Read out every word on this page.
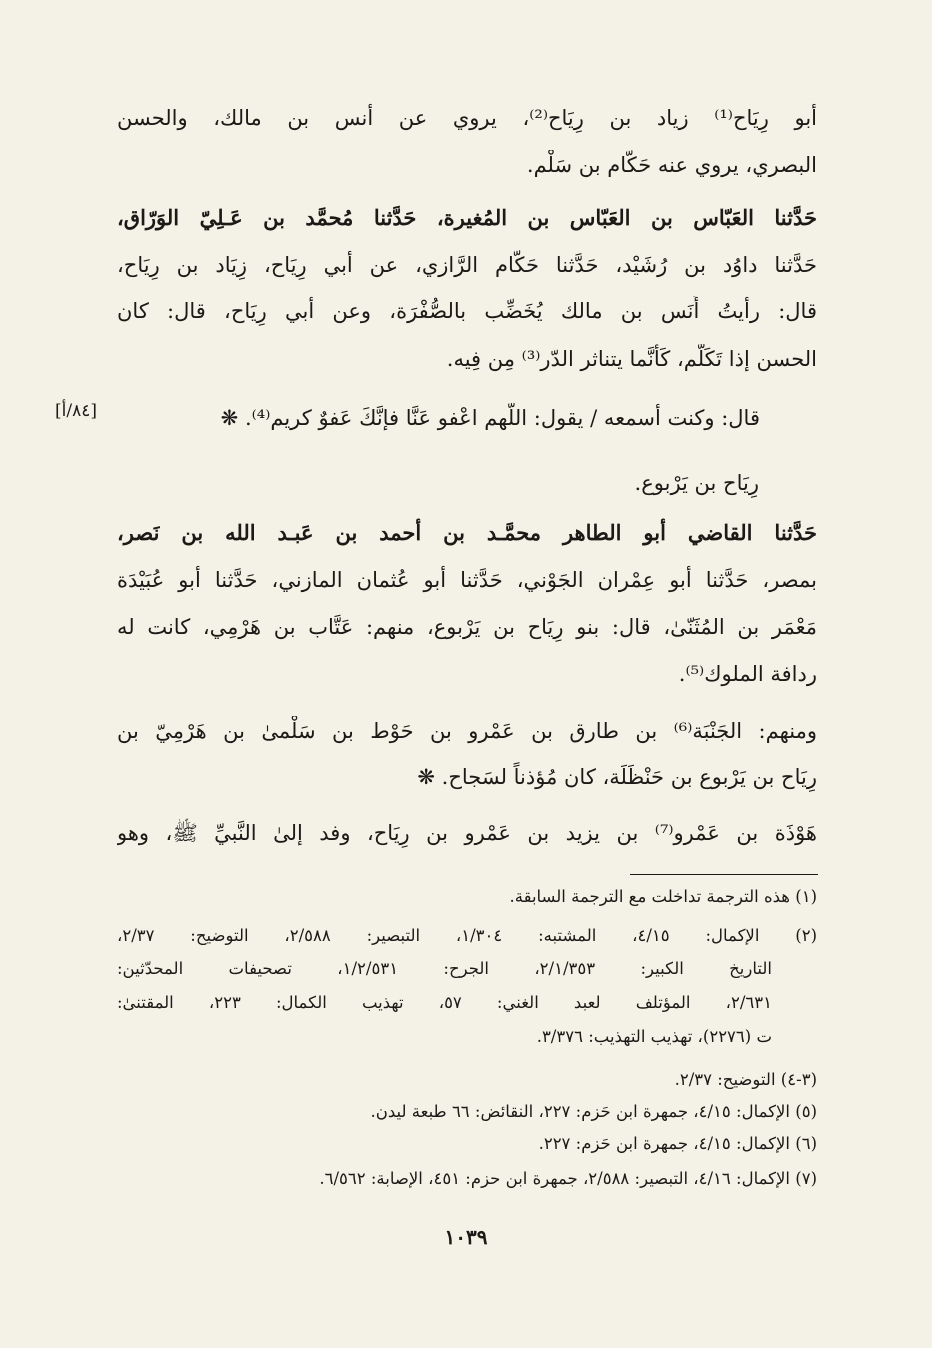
أبو رِيَاح⁽¹⁾ زياد بن رِيَاح⁽²⁾، يروي عن أنس بن مالك، والحسن
البصري، يروي عنه حَكَّام بن سَلْم.
حَدَّثنا العَبّاس بن العَبّاس بن المُغيرة، حَدَّثنا مُحمَّد بن عَـلِيّ الوَرّاق،
حَدَّثنا داوُد بن رُشَيْد، حَدَّثنا حَكَّام الرَّازي، عن أبي رِيَاح، زِيَاد بن رِيَاح،
قال: رأيتُ أَنَس بن مالك يُخَضِّب بالصُّفْرَة، وعن أبي رِيَاح، قال: كان
الحسن إذا تَكَلَّم، كَأَنَّما يتناثر الدّر⁽³⁾ مِن فِيه.
قال: وكنت أسمعه / يقول: اللّهم اعْفو عَنَّا فإنَّكَ عَفوٌ كريم⁽⁴⁾. ❋
[٨٤/أ]
رِيَاح بن يَرْبوع.
حَدَّثنا القاضي أبو الطاهر محمَّـد بن أحمد بن عَبـد الله بن نَصر،
بمصر، حَدَّثنا أبو عِمْران الجَوْني، حَدَّثنا أبو عُثمان المازني، حَدَّثنا أبو عُبَيْدَة
مَعْمَر بن المُثَنّىٰ، قال: بنو رِيَاح بن يَرْبوع، منهم: عَتَّاب بن هَرْمِي، كانت له
ردافة الملوك⁽⁵⁾.
ومنهم: الجَنْبَة⁽⁶⁾ بن طارق بن عَمْرو بن حَوْط بن سَلْمىٰ بن هَرْمِيّ بن
رِيَاح بن يَرْبوع بن حَنْظَلَة، كان مُؤذناً لسَجاح. ❋
هَوْذَة بن عَمْرو⁽⁷⁾ بن يزيد بن عَمْرو بن رِيَاح، وفد إلىٰ النَّبيِّ ﷺ، وهو
(١) هذه الترجمة تداخلت مع الترجمة السابقة.
(٢) الإكمال: ٤/١٥، المشتبه: ١/٣٠٤، التبصير: ٢/٥٨٨، التوضيح: ٢/٣٧،
التاريخ الكبير: ٢/١/٣٥٣، الجرح: ١/٢/٥٣١، تصحيفات المحدّثين:
٢/٦٣١، المؤتلف لعبد الغني: ٥٧، تهذيب الكمال: ٢٢٣، المقتنىٰ:
ت (٢٢٧٦)، تهذيب التهذيب: ٣/٣٧٦.
(٣-٤) التوضيح: ٢/٣٧.
(٥) الإكمال: ٤/١٥، جمهرة ابن حَزم: ٢٢٧، النقائض: ٦٦ طبعة ليدن.
(٦) الإكمال: ٤/١٥، جمهرة ابن حَزم: ٢٢٧.
(٧) الإكمال: ٤/١٦، التبصير: ٢/٥٨٨، جمهرة ابن حزم: ٤٥١، الإصابة: ٦/٥٦٢.
١٠٣٩
